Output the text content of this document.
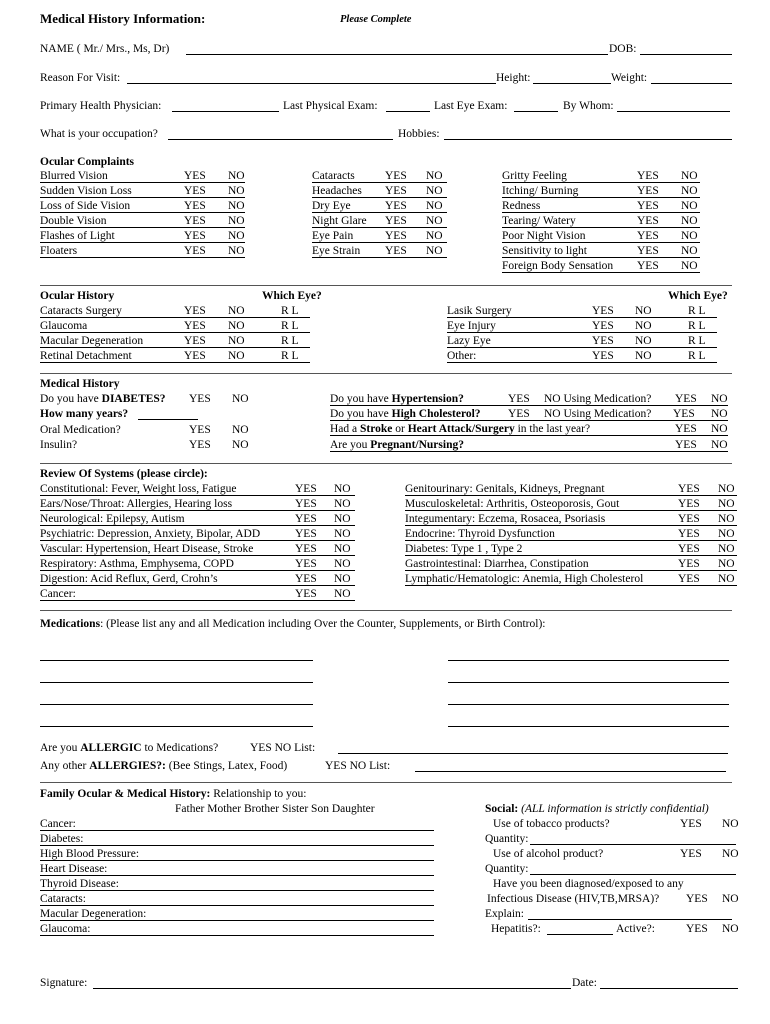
Medical History Information:	Please Complete
NAME ( Mr./ Mrs., Ms, Dr)	DOB:
Reason For Visit:	Height:	Weight:
Primary Health Physician:	Last Physical Exam:	Last Eye Exam:	By Whom:
What is your occupation?	Hobbies:
Ocular Complaints
Blurred Vision	YES NO
Sudden Vision Loss	YES NO
Loss of Side Vision	YES NO
Double Vision	YES NO
Flashes of Light	YES NO
Floaters	YES NO
Cataracts	YES NO
Headaches YES NO
Dry Eye	YES NO
Night Glare YES NO
Eye Pain	YES NO
Eye Strain YES NO
Gritty Feeling	YES NO
Itching/ Burning	YES NO
Redness	YES NO
Tearing/ Watery	YES NO
Poor Night Vision	YES NO
Sensitivity to light	YES NO
Foreign Body Sensation YES NO
Ocular History	Which Eye?	Which Eye?
Cataracts Surgery	YES NO	R L
Glaucoma	YES NO	R L
Macular Degeneration	YES NO	R L
Retinal Detachment	YES NO	R L
Lasik Surgery	YES NO	R L
Eye Injury	YES NO	R L
Lazy Eye	YES NO	R L
Other:	YES NO	R L
Medical History
Do you have DIABETES? YES NO
How many years?
Oral Medication?	YES NO
Insulin?	YES NO
Do you have Hypertension?	YES NO Using Medication? YES NO
Do you have High Cholesterol? YES NO Using Medication? YES NO
Had a Stroke or Heart Attack/Surgery in the last year?	YES NO
Are you Pregnant/Nursing?	YES NO
Review Of Systems (please circle):
Constitutional: Fever, Weight loss, Fatigue	YES NO
Ears/Nose/Throat: Allergies, Hearing loss	YES NO
Neurological: Epilepsy, Autism	YES NO
Psychiatric: Depression, Anxiety, Bipolar, ADD	YES NO
Vascular: Hypertension, Heart Disease, Stroke	YES NO
Respiratory: Asthma, Emphysema, COPD	YES NO
Digestion: Acid Reflux, Gerd, Crohn’s	YES NO
Cancer:	YES NO
Genitourinary: Genitals, Kidneys, Pregnant	YES NO
Musculoskeletal: Arthritis, Osteoporosis, Gout	YES NO
Integumentary: Eczema, Rosacea, Psoriasis	YES NO
Endocrine: Thyroid Dysfunction	YES NO
Diabetes: Type 1 , Type 2	YES NO
Gastrointestinal: Diarrhea, Constipation	YES NO
Lymphatic/Hematologic: Anemia, High Cholesterol	YES NO
Medications: (Please list any and all Medication including Over the Counter, Supplements, or Birth Control):
Are you ALLERGIC to Medications?	YES NO List:
Any other ALLERGIES?: (Bee Stings, Latex, Food)	YES NO List:
Family Ocular & Medical History: Relationship to you:
Father Mother Brother Sister Son Daughter
Cancer:
Diabetes:
High Blood Pressure:
Heart Disease:
Thyroid Disease:
Cataracts:
Macular Degeneration:
Glaucoma:
Social: (ALL information is strictly confidential)
Use of tobacco products?	YES NO
Quantity:
Use of alcohol product?	YES NO
Quantity:
Have you been diagnosed/exposed to any
Infectious Disease (HIV,TB,MRSA)? YES NO
Explain:
Hepatitis?:	Active?:	YES NO
Signature:	Date:
